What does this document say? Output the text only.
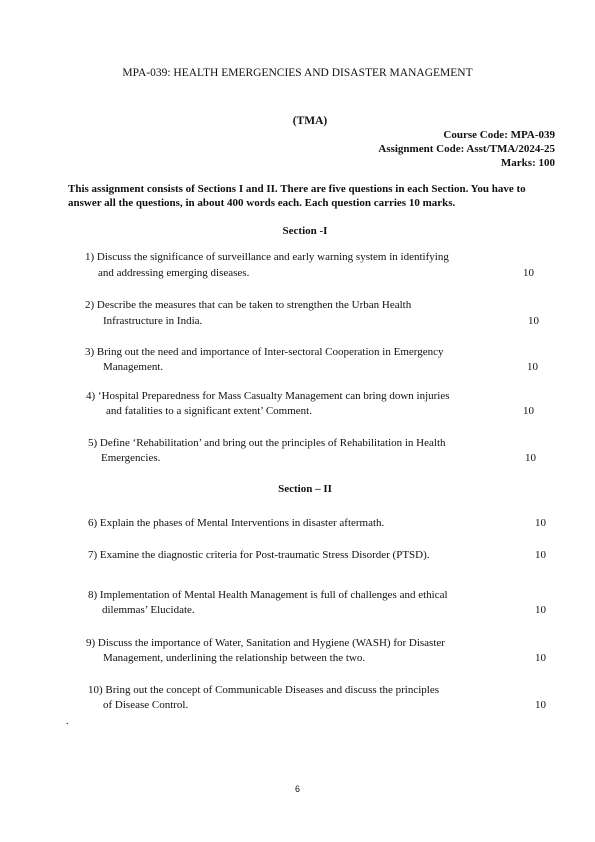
MPA-039: HEALTH EMERGENCIES AND DISASTER MANAGEMENT
(TMA)
Course Code: MPA-039
Assignment Code: Asst/TMA/2024-25
Marks: 100
This assignment consists of Sections I and II. There are five questions in each Section. You have to answer all the questions, in about 400 words each. Each question carries 10 marks.
Section -I
1) Discuss the significance of surveillance and early warning system in identifying
and addressing emerging diseases.	10
2) Describe the measures that can be taken to strengthen the Urban Health
Infrastructure in India.	10
3) Bring out the need and importance of Inter-sectoral Cooperation in Emergency
Management.	10
4) ‘Hospital Preparedness for Mass Casualty Management can bring down injuries
and fatalities to a significant extent’ Comment.	10
5) Define ‘Rehabilitation’ and bring out the principles of Rehabilitation in Health
Emergencies.	10
Section – II
6) Explain the phases of Mental Interventions in disaster aftermath.	10
7) Examine the diagnostic criteria for Post-traumatic Stress Disorder (PTSD).	10
8) Implementation of Mental Health Management is full of challenges and ethical
dilemmas’ Elucidate.	10
9) Discuss the importance of Water, Sanitation and Hygiene (WASH) for Disaster
Management, underlining the relationship between the two.	10
10) Bring out the concept of Communicable Diseases and discuss the principles
of Disease Control.	10
.
6
